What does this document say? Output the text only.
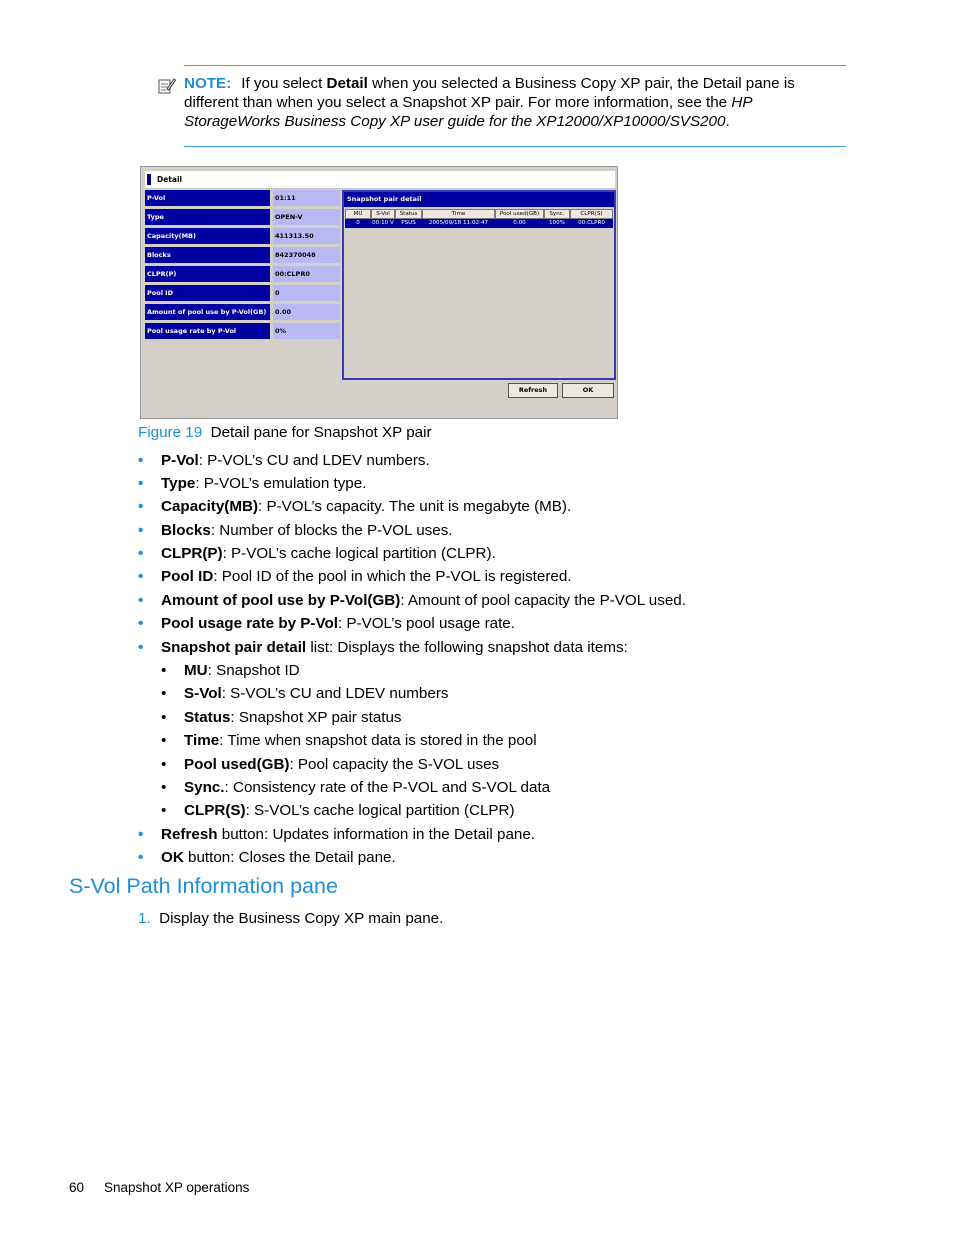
NOTE: If you select Detail when you selected a Business Copy XP pair, the Detail pane is different than when you select a Snapshot XP pair. For more information, see the HP StorageWorks Business Copy XP user guide for the XP12000/XP10000/SVS200.
Detail
P-Vol	01:11
Type	OPEN-V
Capacity(MB)	411313.50
Blocks	842370048
CLPR(P)	00:CLPR0
Pool ID	0
Amount of pool use by P-Vol(GB)	0.00
Pool usage rate by P-Vol	0%
Snapshot pair detail
MU	S-Vol	Status	Time	Pool used(GB)	Sync.	CLPR(S)
0	00:10 V	PSUS	2005/09/18 11:02:47	0.00	100%	00:CLPR0
Refresh	OK
Figure 19 Detail pane for Snapshot XP pair
• P-Vol: P-VOL’s CU and LDEV numbers.
• Type: P-VOL’s emulation type.
• Capacity(MB): P-VOL’s capacity. The unit is megabyte (MB).
• Blocks: Number of blocks the P-VOL uses.
• CLPR(P): P-VOL’s cache logical partition (CLPR).
• Pool ID: Pool ID of the pool in which the P-VOL is registered.
• Amount of pool use by P-Vol(GB): Amount of pool capacity the P-VOL used.
• Pool usage rate by P-Vol: P-VOL’s pool usage rate.
• Snapshot pair detail list: Displays the following snapshot data items:
• MU: Snapshot ID
• S-Vol: S-VOL’s CU and LDEV numbers
• Status: Snapshot XP pair status
• Time: Time when snapshot data is stored in the pool
• Pool used(GB): Pool capacity the S-VOL uses
• Sync.: Consistency rate of the P-VOL and S-VOL data
• CLPR(S): S-VOL’s cache logical partition (CLPR)
• Refresh button: Updates information in the Detail pane.
• OK button: Closes the Detail pane.
S-Vol Path Information pane
1. Display the Business Copy XP main pane.
60 Snapshot XP operations
